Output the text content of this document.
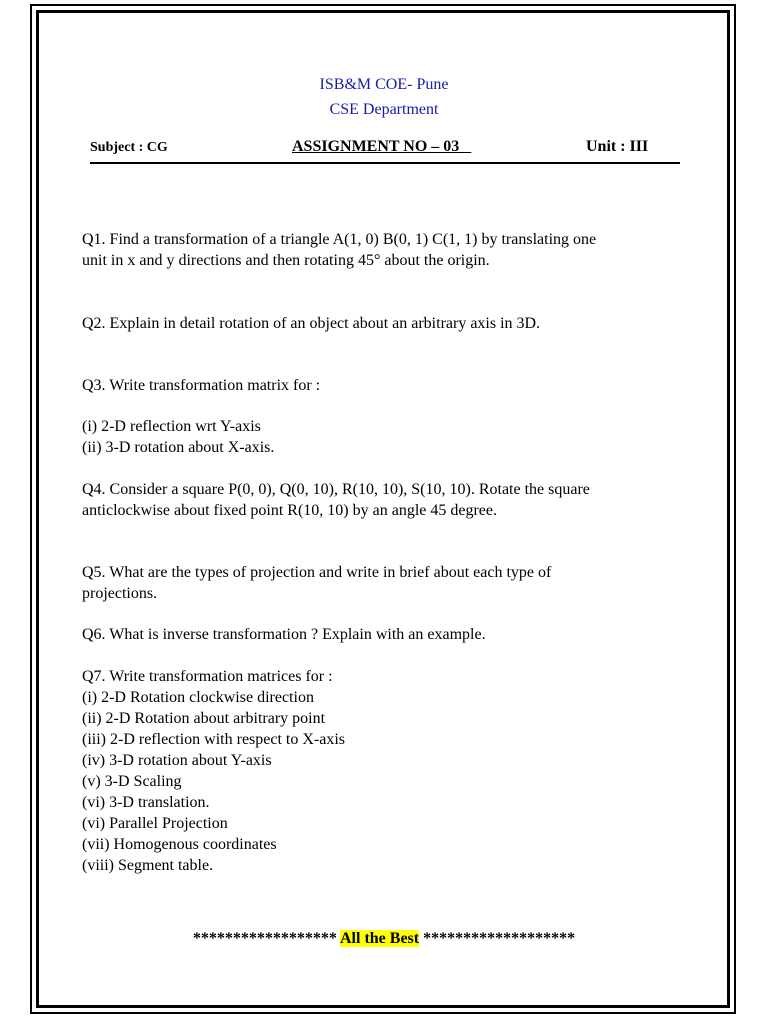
ISB&M COE- Pune
CSE Department
Subject : CG	ASSIGNMENT NO – 03	Unit : III
Q1. Find a transformation of a triangle A(1, 0) B(0, 1) C(1, 1) by translating one
unit in x and y directions and then rotating 45° about the origin.
Q2. Explain in detail rotation of an object about an arbitrary axis in 3D.
Q3. Write transformation matrix for :
(i) 2-D reflection wrt Y-axis
(ii) 3-D rotation about X-axis.
Q4. Consider a square P(0, 0), Q(0, 10), R(10, 10), S(10, 10). Rotate the square
anticlockwise about fixed point R(10, 10) by an angle 45 degree.
Q5. What are the types of projection and write in brief about each type of
projections.
Q6. What is inverse transformation ? Explain with an example.
Q7. Write transformation matrices for :
(i) 2-D Rotation clockwise direction
(ii) 2-D Rotation about arbitrary point
(iii) 2-D reflection with respect to X-axis
(iv) 3-D rotation about Y-axis
(v) 3-D Scaling
(vi) 3-D translation.
(vi) Parallel Projection
(vii) Homogenous coordinates
(viii) Segment table.
****************** All the Best *******************
